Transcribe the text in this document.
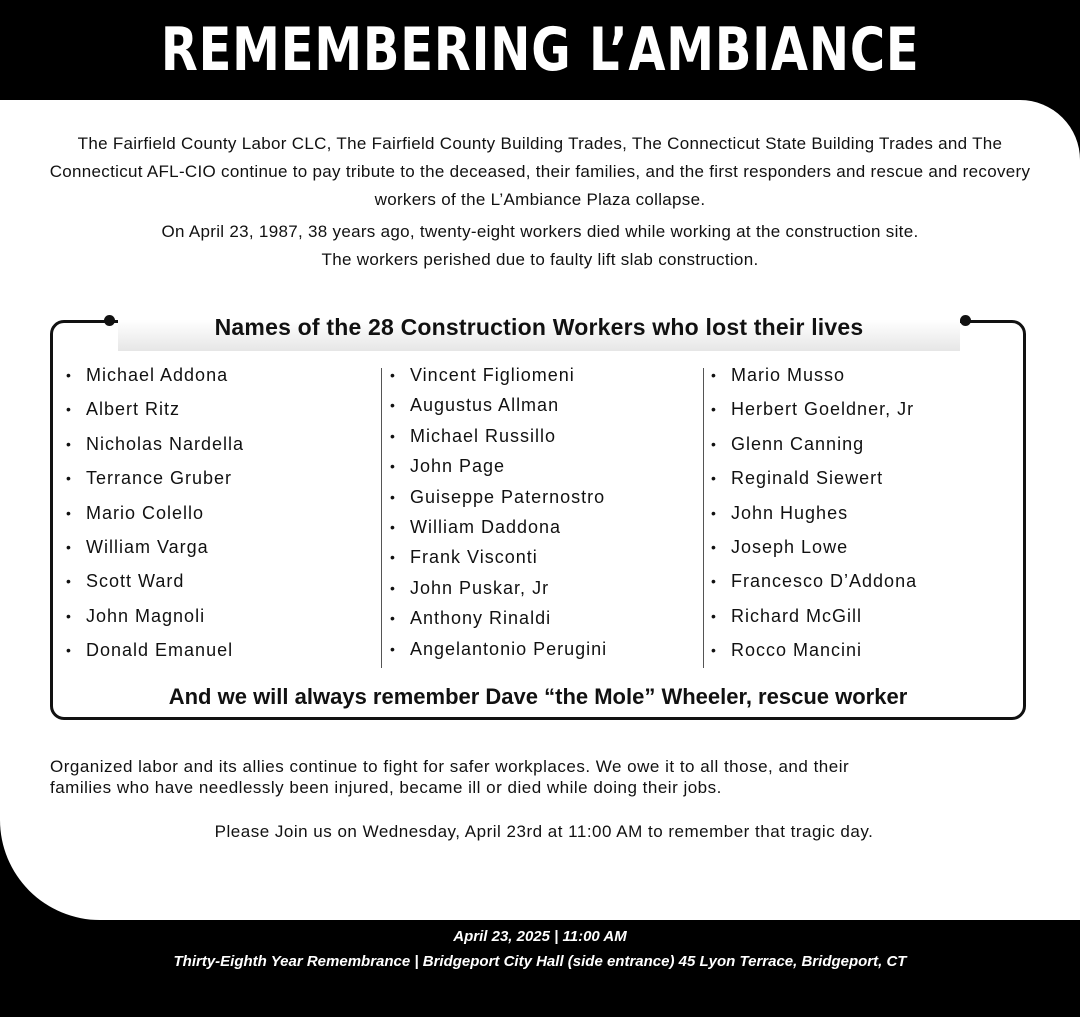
REMEMBERING L’AMBIANCE

The Fairfield County Labor CLC, The Fairfield County Building Trades, The Connecticut State Building Trades and The Connecticut AFL-CIO continue to pay tribute to the deceased, their families, and the first responders and rescue and recovery workers of the L’Ambiance Plaza collapse.

On April 23, 1987, 38 years ago, twenty-eight workers died while working at the construction site.

The workers perished due to faulty lift slab construction.

Names of the 28 Construction Workers who lost their lives
• Michael Addona
• Albert Ritz
• Nicholas Nardella
• Terrance Gruber
• Mario Colello
• William Varga
• Scott Ward
• John Magnoli
• Donald Emanuel
• Vincent Figliomeni
• Augustus Allman
• Michael Russillo
• John Page
• Guiseppe Paternostro
• William Daddona
• Frank Visconti
• John Puskar, Jr
• Anthony Rinaldi
• Angelantonio Perugini
• Mario Musso
• Herbert Goeldner, Jr
• Glenn Canning
• Reginald Siewert
• John Hughes
• Joseph Lowe
• Francesco D’Addona
• Richard McGill
• Rocco Mancini
And we will always remember Dave “the Mole” Wheeler, rescue worker

Organized labor and its allies continue to fight for safer workplaces. We owe it to all those, and their

families who have needlessly been injured, became ill or died while doing their jobs.

Please Join us on Wednesday, April 23rd at 11:00 AM to remember that tragic day.

April 23, 2025 | 11:00 AM

Thirty-Eighth Year Remembrance | Bridgeport City Hall (side entrance) 45 Lyon Terrace, Bridgeport, CT
